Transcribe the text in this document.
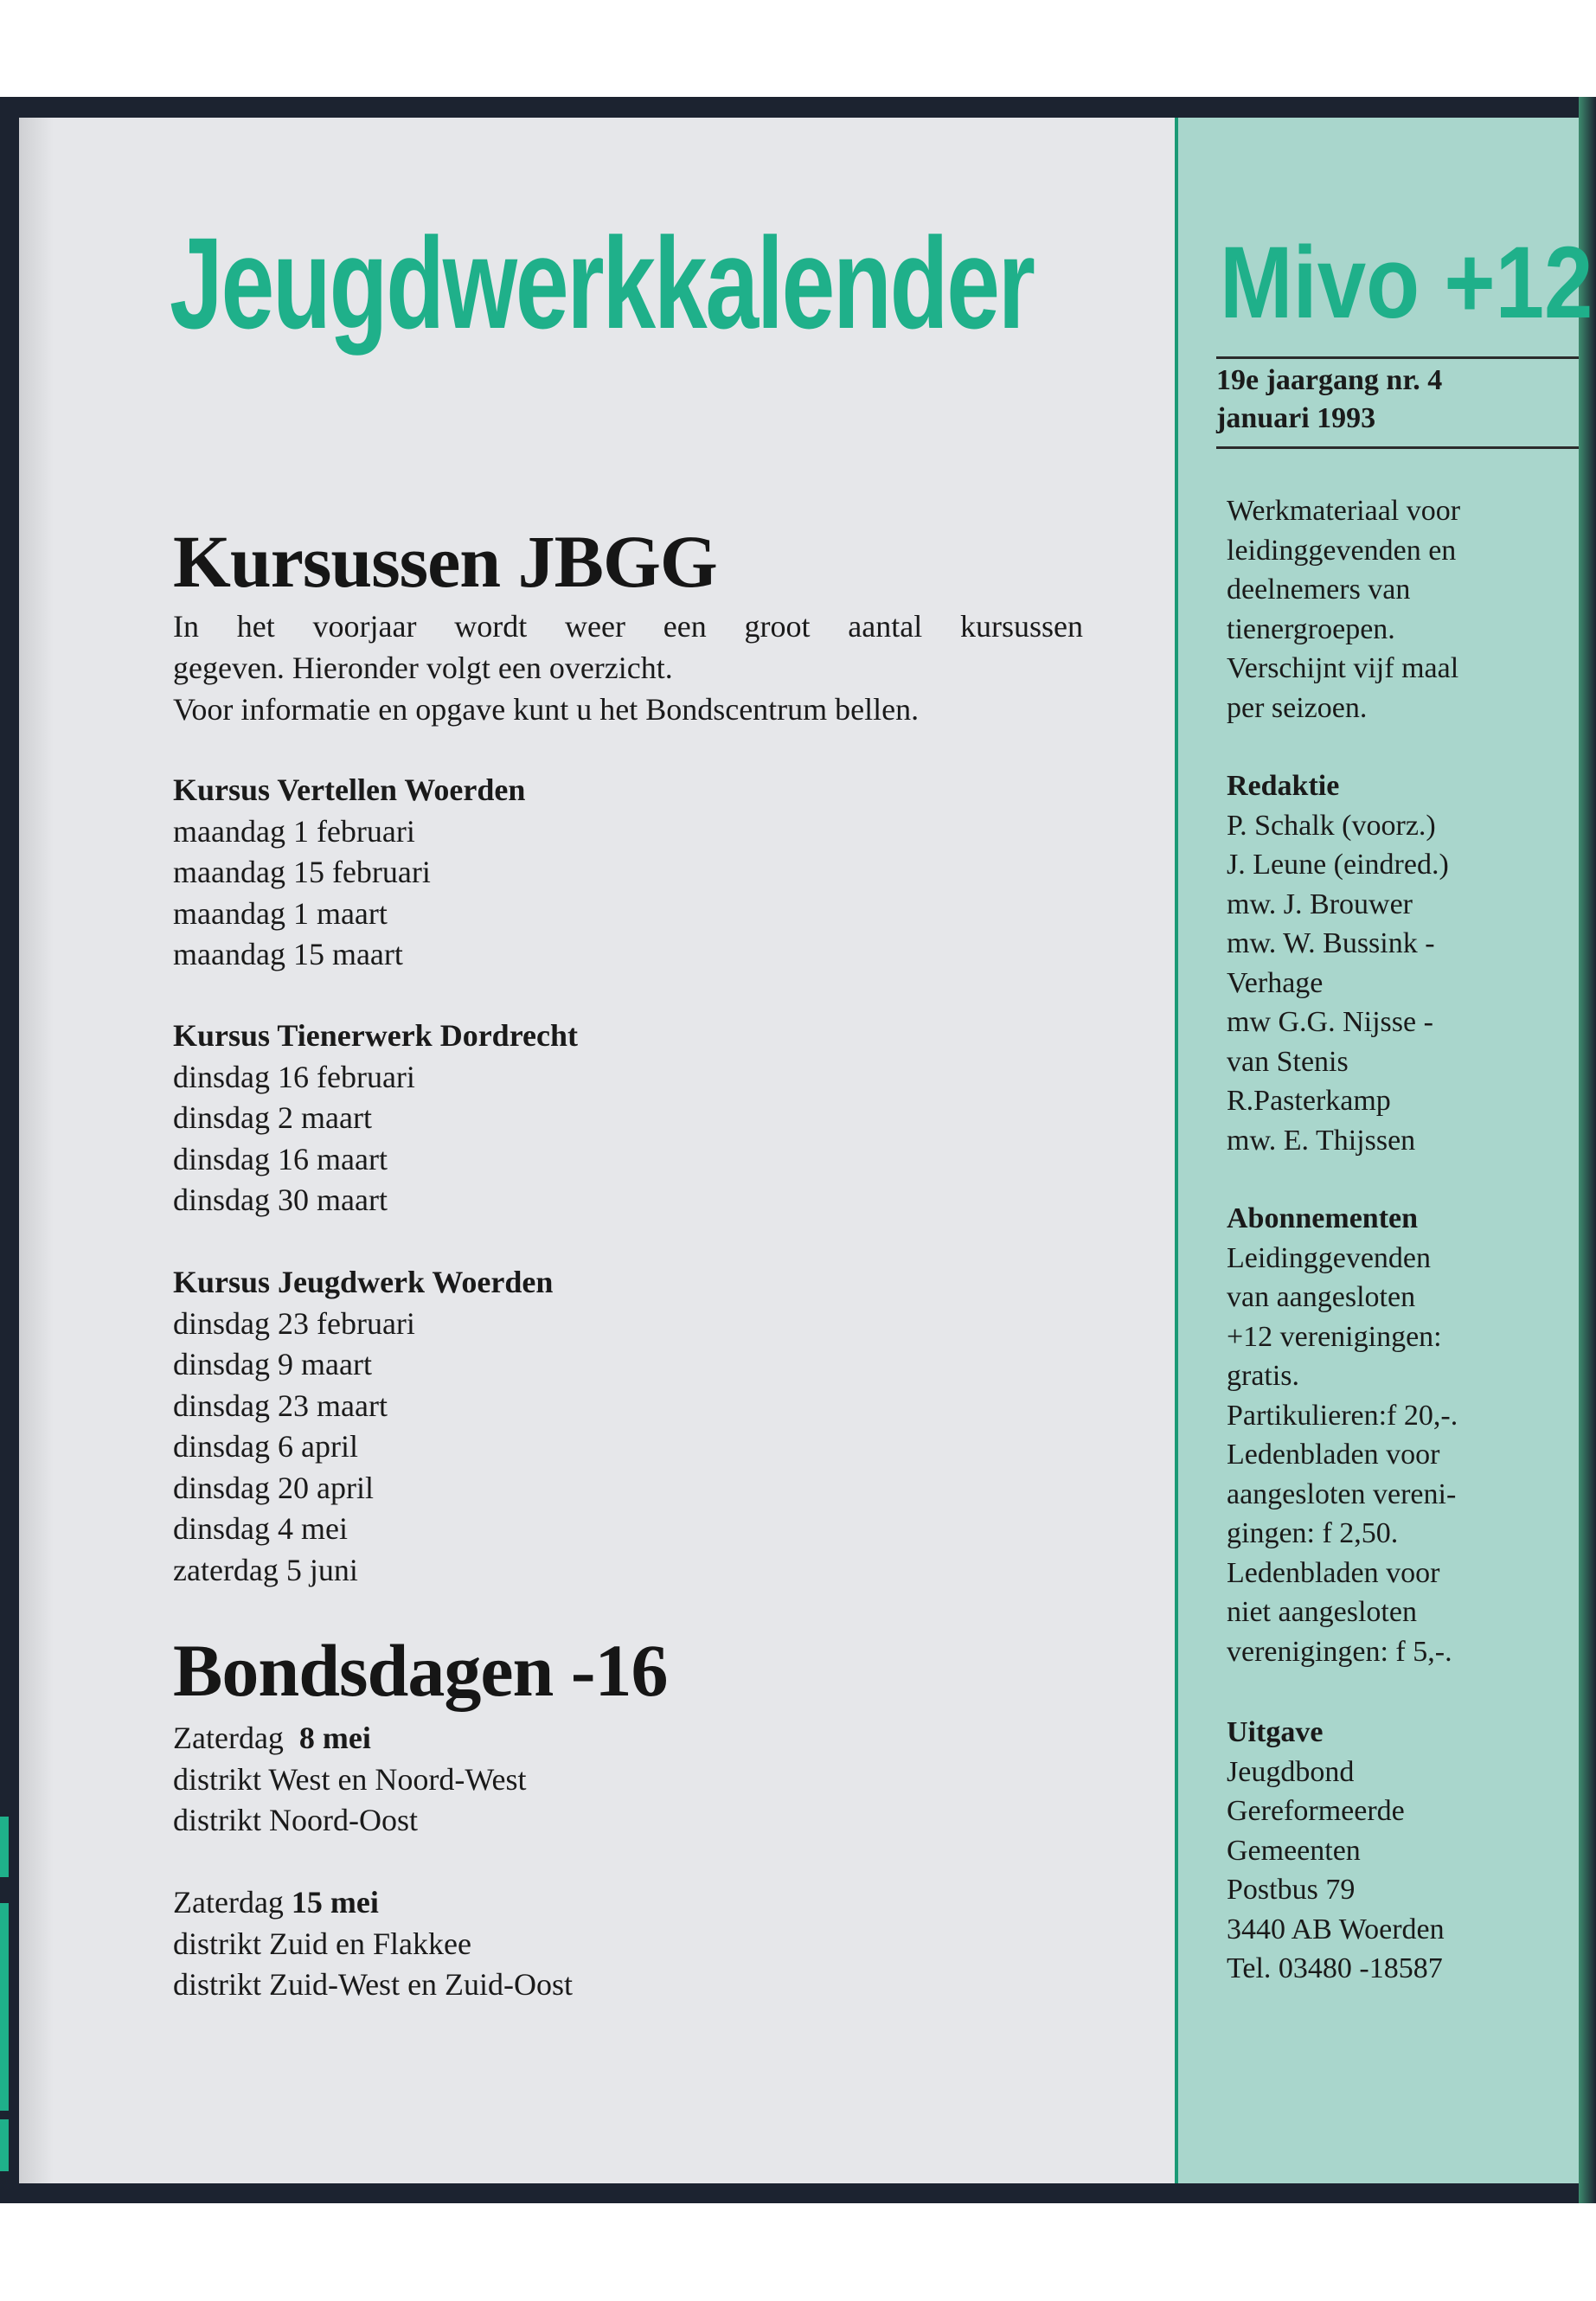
Jeugdwerkkalender Mivo +12
19e jaargang nr. 4
januari 1993
Kursussen JBGG

In het voorjaar wordt weer een groot aantal kursussen

gegeven. Hieronder volgt een overzicht.

Voor informatie en opgave kunt u het Bondscentrum bellen.

Kursus Vertellen Woerden
maandag 1 februari
maandag 15 februari
maandag 1 maart
maandag 15 maart
Kursus Tienerwerk Dordrecht
dinsdag 16 februari
dinsdag 2 maart
dinsdag 16 maart
dinsdag 30 maart
Kursus Jeugdwerk Woerden
dinsdag 23 februari
dinsdag 9 maart
dinsdag 23 maart
dinsdag 6 april
dinsdag 20 april
dinsdag 4 mei
zaterdag 5 juni
Bondsdagen -16
Zaterdag 8 mei
distrikt West en Noord-West
distrikt Noord-Oost
Zaterdag 15 mei
distrikt Zuid en Flakkee
distrikt Zuid-West en Zuid-Oost
Werkmateriaal voor
leidinggevenden en
deelnemers van
tienergroepen.
Verschijnt vijf maal
per seizoen.
Redaktie
P. Schalk (voorz.)
J. Leune (eindred.)
mw. J. Brouwer
mw. W. Bussink -
Verhage
mw G.G. Nijsse -
van Stenis
R.Pasterkamp
mw. E. Thijssen
Abonnementen
Leidinggevenden
van aangesloten
+12 verenigingen:
gratis.
Partikulieren:f 20,-.
Ledenbladen voor
aangesloten vereni-
gingen: f 2,50.
Ledenbladen voor
niet aangesloten
verenigingen: f 5,-.
Uitgave
Jeugdbond
Gereformeerde
Gemeenten
Postbus 79
3440 AB Woerden
Tel. 03480 -18587
